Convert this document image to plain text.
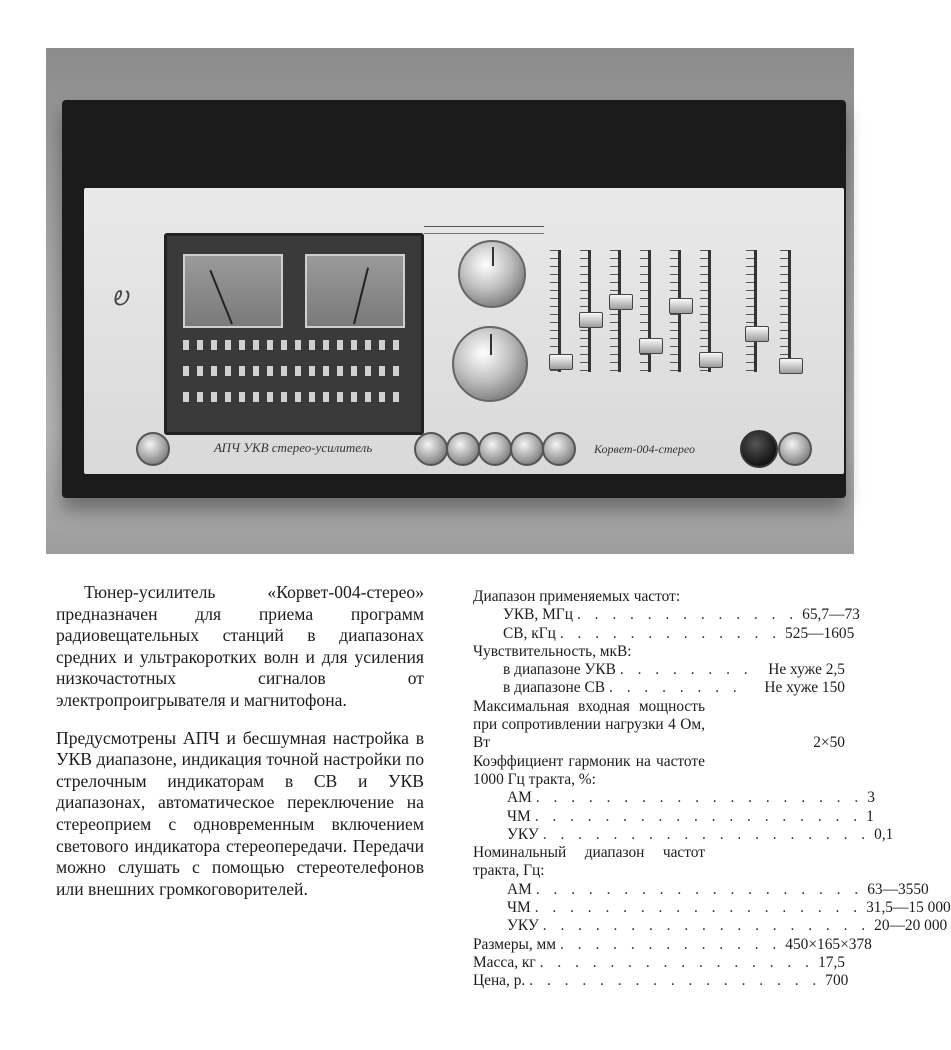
Ꭷ
АПЧ УКВ стерео-усилитель	Корвет-004-стерео

Тюнер-усилитель «Корвет-004-стерео» предназначен для приема программ радиовещательных станций в диапазонах средних и ультракоротких волн и для усиления низкочастотных сигналов от электропроигрывателя и магнитофона.

Предусмотрены АПЧ и бесшумная настройка в УКВ диапазоне, индикация точной настройки по стрелочным индикаторам в СВ и УКВ диапазонах, автоматическое переключение на стереоприем с одновременным включением светового индикатора стереопередачи. Передачи можно слушать с помощью стереотелефонов или внешних громкоговорителей.

Диапазон применяемых частот:
УКВ, МГц . . . . . . . . . . . . . 65,7—73
СВ, кГц . . . . . . . . . . . . . 525—1605
Чувствительность, мкВ:
в диапазоне УКВ . . . . . . . .	Не хуже 2,5
в диапазоне СВ . . . . . . . .	Не хуже 150
Максимальная входная мощность при сопротивлении нагрузки 4 Ом, Вт	2×50
Коэффициент гармоник на частоте 1000 Гц тракта, %:
АМ . . . . . . . . . . . . . . . . . . . 3
ЧМ . . . . . . . . . . . . . . . . . . . 1
УКУ . . . . . . . . . . . . . . . . . . . 0,1
Номинальный диапазон частот тракта, Гц:
АМ . . . . . . . . . . . . . . . . . . . 63—3550
ЧМ . . . . . . . . . . . . . . . . . . . 31,5—15 000
УКУ . . . . . . . . . . . . . . . . . . . 20—20 000
Размеры, мм . . . . . . . . . . . . . 450×165×378
Масса, кг . . . . . . . . . . . . . . . . 17,5
Цена, р. . . . . . . . . . . . . . . . . . 700
